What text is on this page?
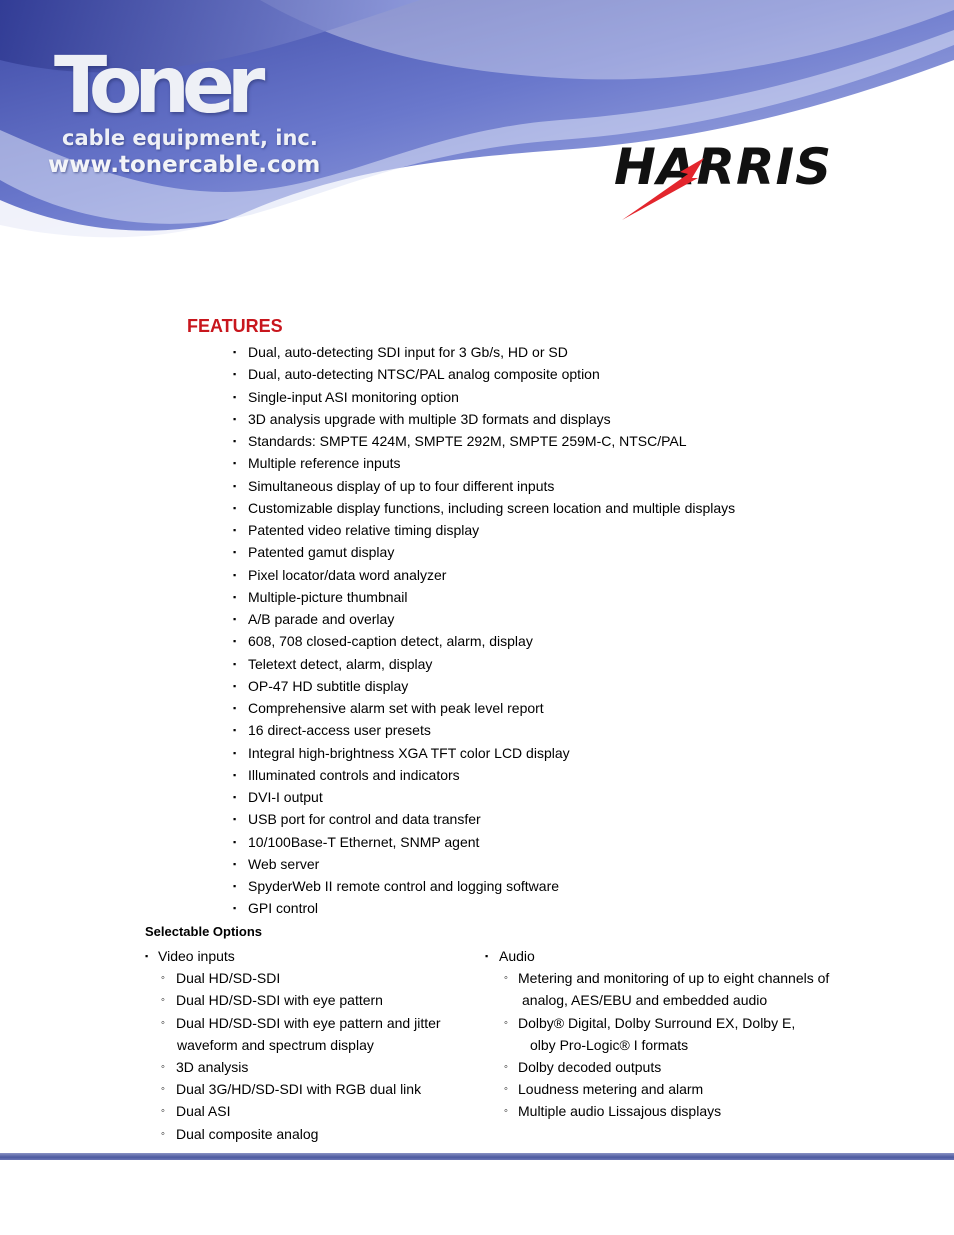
Toner
cable equipment, inc.
www.tonercable.com	HARRIS
FEATURES
▪ Dual, auto-detecting SDI input for 3 Gb/s, HD or SD
▪ Dual, auto-detecting NTSC/PAL analog composite option
▪ Single-input ASI monitoring option
▪ 3D analysis upgrade with multiple 3D formats and displays
▪ Standards: SMPTE 424M, SMPTE 292M, SMPTE 259M-C, NTSC/PAL
▪ Multiple reference inputs
▪ Simultaneous display of up to four different inputs
▪ Customizable display functions, including screen location and multiple displays
▪ Patented video relative timing display
▪ Patented gamut display
▪ Pixel locator/data word analyzer
▪ Multiple-picture thumbnail
▪ A/B parade and overlay
▪ 608, 708 closed-caption detect, alarm, display
▪ Teletext detect, alarm, display
▪ OP-47 HD subtitle display
▪ Comprehensive alarm set with peak level report
▪ 16 direct-access user presets
▪ Integral high-brightness XGA TFT color LCD display
▪ Illuminated controls and indicators
▪ DVI-I output
▪ USB port for control and data transfer
▪ 10/100Base-T Ethernet, SNMP agent
▪ Web server
▪ SpyderWeb II remote control and logging software
▪ GPI control
Selectable Options
▪ Video inputs
◦ Dual HD/SD-SDI
◦ Dual HD/SD-SDI with eye pattern
◦ Dual HD/SD-SDI with eye pattern and jitter
waveform and spectrum display
◦ 3D analysis
◦ Dual 3G/HD/SD-SDI with RGB dual link
◦ Dual ASI
◦ Dual composite analog
▪ Audio
◦ Metering and monitoring of up to eight channels of
analog, AES/EBU and embedded audio
◦ Dolby® Digital, Dolby Surround EX, Dolby E,
olby Pro-Logic® I formats
◦ Dolby decoded outputs
◦ Loudness metering and alarm
◦ Multiple audio Lissajous displays
